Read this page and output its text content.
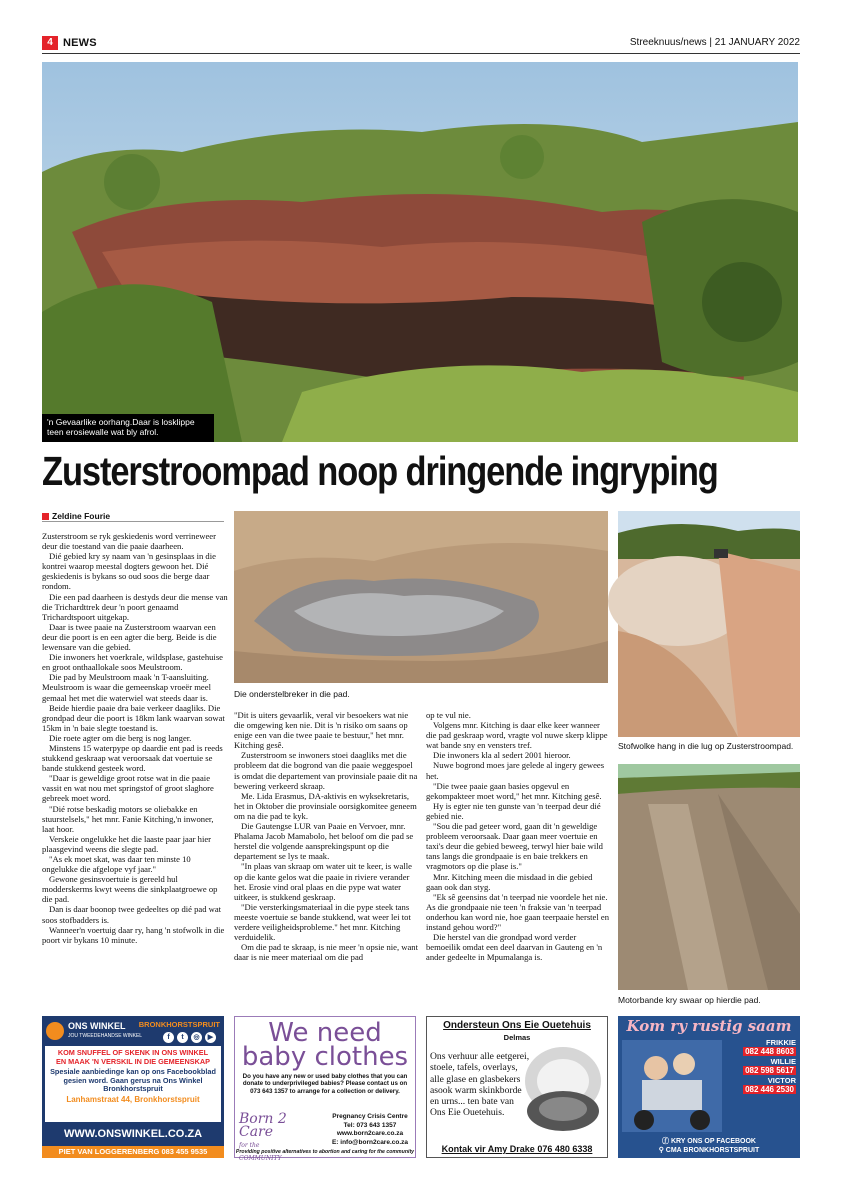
4 NEWS	Streeknuus/news | 21 JANUARY 2022
'n Gevaarlike oorhang.Daar is losklippe teen erosiewalle wat bly afrol.
Zusterstroompad noop dringende ingryping
Zeldine Fourie

Zusterstroom se ryk geskiedenis word verrineweer deur die toestand van die paaie daarheen.

Dié gebied kry sy naam van 'n gesinsplaas in die kontrei waarop meestal dogters gewoon het. Dié geskiedenis is bykans so oud soos die berge daar rondom.

Die een pad daarheen is destyds deur die mense van die Trichardttrek deur 'n poort genaamd Trichardtspoort uitgekap.

Daar is twee paaie na Zusterstroom waarvan een deur die poort is en een agter die berg. Beide is die lewensare van die gebied.

Die inwoners het voerkrale, wildsplase, gastehuise en groot onthaallokale soos Meulstroom.

Die pad by Meulstroom maak 'n T-aansluiting. Meulstroom is waar die gemeenskap vroeër meel gemaal het met die waterwiel wat steeds daar is.

Beide hierdie paaie dra baie verkeer daagliks. Die grondpad deur die poort is 18km lank waarvan sowat 15km in 'n baie slegte toestand is.

Die roete agter om die berg is nog langer.

Minstens 15 waterpype op daardie ent pad is reeds stukkend geskraap wat veroorsaak dat voertuie se bande stukkend gesteek word.

"Daar is geweldige groot rotse wat in die paaie vassit en wat nou met springstof of groot slaghore gebreek moet word.

"Dié rotse beskadig motors se oliebakke en stuurstelsels," het mnr. Fanie Kitching,'n inwoner, laat hoor.

Verskeie ongelukke het die laaste paar jaar hier plaasgevind weens die slegte pad.

"As ek moet skat, was daar ten minste 10 ongelukke die afgelope vyf jaar."

Gewone gesinsvoertuie is gereeld hul modderskerms kwyt weens die sinkplaatgroewe op die pad.

Dan is daar boonop twee gedeeltes op dié pad wat soos stofbadders is.

Wanneer'n voertuig daar ry, hang 'n stofwolk in die poort vir bykans 10 minute.

Die onderstelbreker in die pad.

"Dit is uiters gevaarlik, veral vir besoekers wat nie die omgewing ken nie. Dit is 'n risiko om saans op enige een van die twee paaie te bestuur," het mnr. Kitching gesê.

Zusterstroom se inwoners stoei daagliks met die probleem dat die bogrond van die paaie weggespoel is omdat die departement van provinsiale paaie dit na bewering verkeerd skraap.

Me. Lida Erasmus, DA-aktivis en wyksekretaris, het in Oktober die provinsiale oorsigkomitee geneem om na die pad te kyk.

Die Gautengse LUR van Paaie en Vervoer, mnr. Phalama Jacob Mamabolo, het beloof om die pad se herstel die volgende aansprekingspunt op die departement se lys te maak.

"In plaas van skraap om water uit te keer, is walle op die kante gelos wat die paaie in riviere verander het. Erosie vind oral plaas en die pype wat water uitkeer, is stukkend geskraap.

"Die versterkingsmateriaal in die pype steek tans meeste voertuie se bande stukkend, wat weer lei tot verdere veiligheidsprobleme." het mnr. Kitching verduidelik.

Om die pad te skraap, is nie meer 'n opsie nie, want daar is nie meer materiaal om die pad

op te vul nie.

Volgens mnr. Kitching is daar elke keer wanneer die pad geskraap word, vragte vol nuwe skerp klippe wat bande sny en vensters tref.

Die inwoners kla al sedert 2001 hieroor.

Nuwe bogrond moes jare gelede al ingery gewees het.

"Die twee paaie gaan basies opgevul en gekompakteer moet word," het mnr. Kitching gesê.

Hy is egter nie ten gunste van 'n teerpad deur dié gebied nie.

"Sou die pad geteer word, gaan dit 'n geweldige probleem veroorsaak. Daar gaan meer voertuie en taxi's deur die gebied beweeg, terwyl hier baie wild tans langs die grondpaaie is en baie trekkers en vragmotors op die plase is."

Mnr. Kitching meen die misdaad in die gebied gaan ook dan styg.

"Ek sê geensins dat 'n teerpad nie voordele het nie. As die grondpaaie nie teen 'n fraksie van 'n teerpad onderhou kan word nie, hoe gaan teerpaaie herstel en instand gehou word?"

Die herstel van die grondpad word verder bemoeilik omdat een deel daarvan in Gauteng en 'n ander gedeelte in Mpumalanga is.

Stofwolke hang in die lug op Zusterstroompad.
Motorbande kry swaar op hierdie pad.
ONS WINKEL
JOU TWEEDEHANDSE WINKEL
BRONKHORSTSPRUIT
f	t	◎	▶
KOM SNUFFEL OF SKENK IN ONS WINKEL
EN MAAK 'N VERSKIL IN DIE GEMEENSKAP
Spesiale aanbiedinge kan op ons Facebookblad gesien word. Gaan gerus na Ons Winkel Bronkhorstspruit
Lanhamstraat 44, Bronkhorstspruit
WWW.ONSWINKEL.CO.ZA
PIET VAN LOGGERENBERG 083 455 9535
We need
baby clothes
Do you have any new or used baby clothes that you can donate to underprivileged babies? Please contact us on 073 643 1357 to arrange for a collection or delivery.
Born 2 Care
for the COMMUNITY
Pregnancy Crisis Centre
Tel: 073 643 1357
www.born2care.co.za
E: info@born2care.co.za
Providing positive alternatives to abortion and caring for the community
Ondersteun Ons Eie Ouetehuis
Delmas
Ons verhuur alle eetgerei, stoele, tafels, overlays, alle glase en glasbekers asook warm skinkborde en urns... ten bate van Ons Eie Ouetehuis.
Kontak vir Amy Drake 076 480 6338
Kom ry rustig saam
FRIKKIE
082 448 8603
WILLIE
082 598 5617
VICTOR
082 446 2530
ⓕ KRY ONS OP FACEBOOK
⚲ CMA BRONKHORSTSPRUIT
